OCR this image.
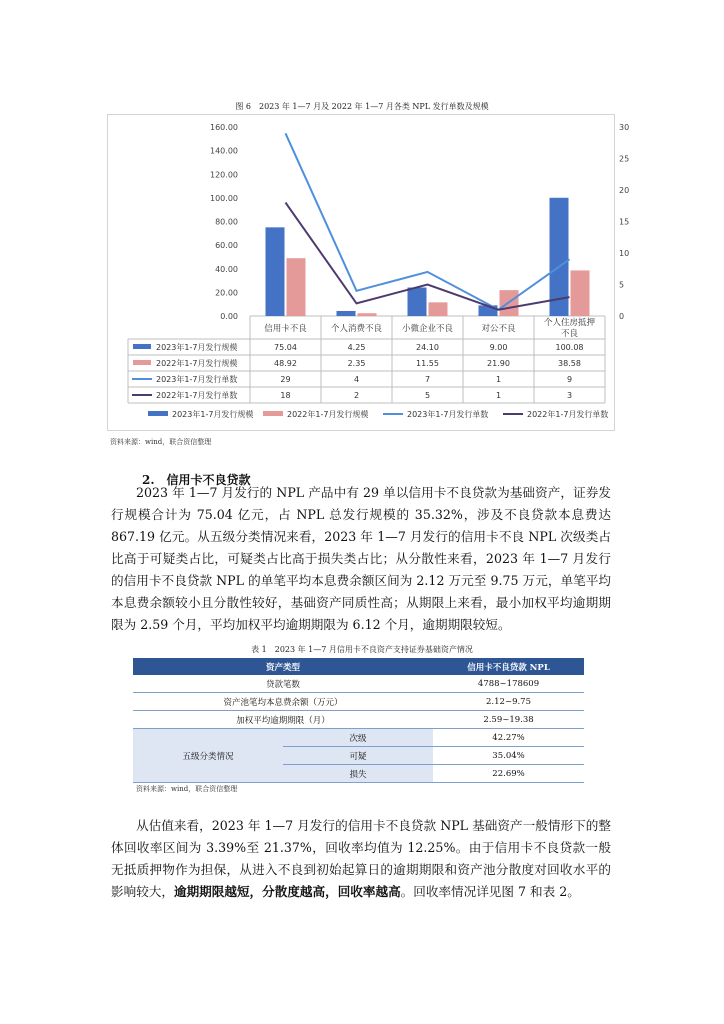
图 6　2023 年 1—7 月及 2022 年 1—7 月各类 NPL 发行单数及规模
0.00
20.00
40.00
60.00
80.00
100.00
120.00
140.00
160.00
0
5
10
15
20
25
30
信用卡不良	个人消费不良 小微企业不良	对公不良
个人住房抵押
不良
2023年1-7月发行规模	75.04	4.25	24.10	9.00	100.08
2022年1-7月发行规模	48.92	2.35	11.55	21.90	38.58
2023年1-7月发行单数	29	4	7	1	9
2022年1-7月发行单数	18	2	5	1	3
2023年1-7月发行规模	2022年1-7月发行规模	2023年1-7月发行单数	2022年1-7月发行单数
资料来源：wind，联合资信整理
2.　信用卡不良贷款
2023 年 1—7 月发行的 NPL 产品中有 29 单以信用卡不良贷款为基础资产，证券发行规模合计为 75.04 亿元，占 NPL 总发行规模的 35.32%，涉及不良贷款本息费达 867.19 亿元。从五级分类情况来看，2023 年 1—7 月发行的信用卡不良 NPL 次级类占比高于可疑类占比，可疑类占比高于损失类占比；从分散性来看，2023 年 1—7 月发行的信用卡不良贷款 NPL 的单笔平均本息费余额区间为 2.12 万元至 9.75 万元，单笔平均本息费余额较小且分散性较好，基础资产同质性高；从期限上来看，最小加权平均逾期期限为 2.59 个月，平均加权平均逾期期限为 6.12 个月，逾期期限较短。
表 1　2023 年 1—7 月信用卡不良资产支持证券基础资产情况
资产类型		信用卡不良贷款 NPL
贷款笔数		4788~178609
资产池笔均本息费余额（万元）		2.12~9.75
加权平均逾期期限（月）		2.59~19.38
五级分类情况	次级	42.27%
	可疑	35.04%
	损失	22.69%
资料来源：wind，联合资信整理
从估值来看，2023 年 1—7 月发行的信用卡不良贷款 NPL 基础资产一般情形下的整体回收率区间为 3.39%至 21.37%，回收率均值为 12.25%。由于信用卡不良贷款一般无抵质押物作为担保，从进入不良到初始起算日的逾期期限和资产池分散度对回收水平的影响较大，逾期期限越短，分散度越高，回收率越高。回收率情况详见图 7 和表 2。
